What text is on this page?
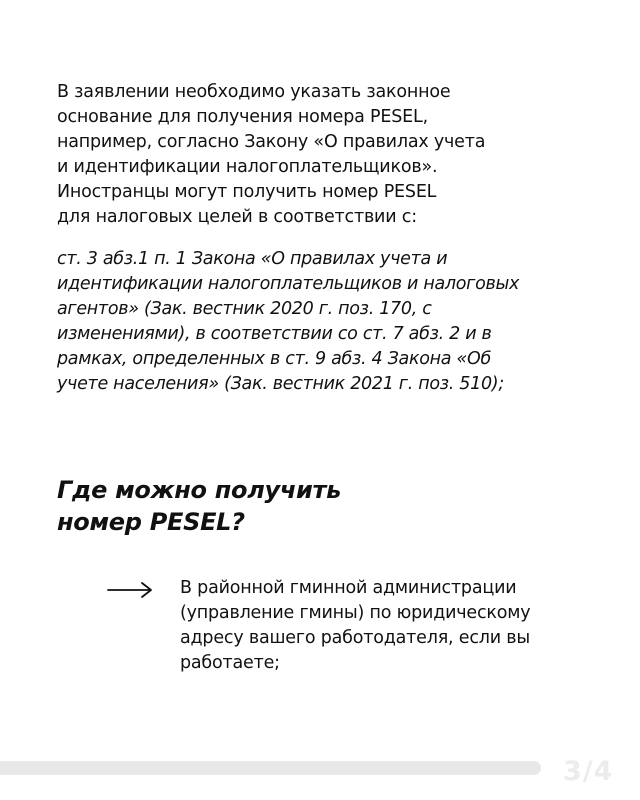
В заявлении необходимо указать законное
основание для получения номера PESEL,
например, согласно Закону «О правилах учета
и идентификации налогоплательщиков».
Иностранцы могут получить номер PESEL
для налоговых целей в соответствии с:
ст. 3 абз.1 п. 1 Закона «О правилах учета и
идентификации налогоплательщиков и налоговых
агентов» (Зак. вестник 2020 г. поз. 170, с
изменениями), в соответствии со ст. 7 абз. 2 и в
рамках, определенных в ст. 9 абз. 4 Закона «Об
учете населения» (Зак. вестник 2021 г. поз. 510);
Где можно получить
номер PESEL?
В районной гминной администрации
(управление гмины) по юридическому
адресу вашего работодателя, если вы
работаете;
3/4
